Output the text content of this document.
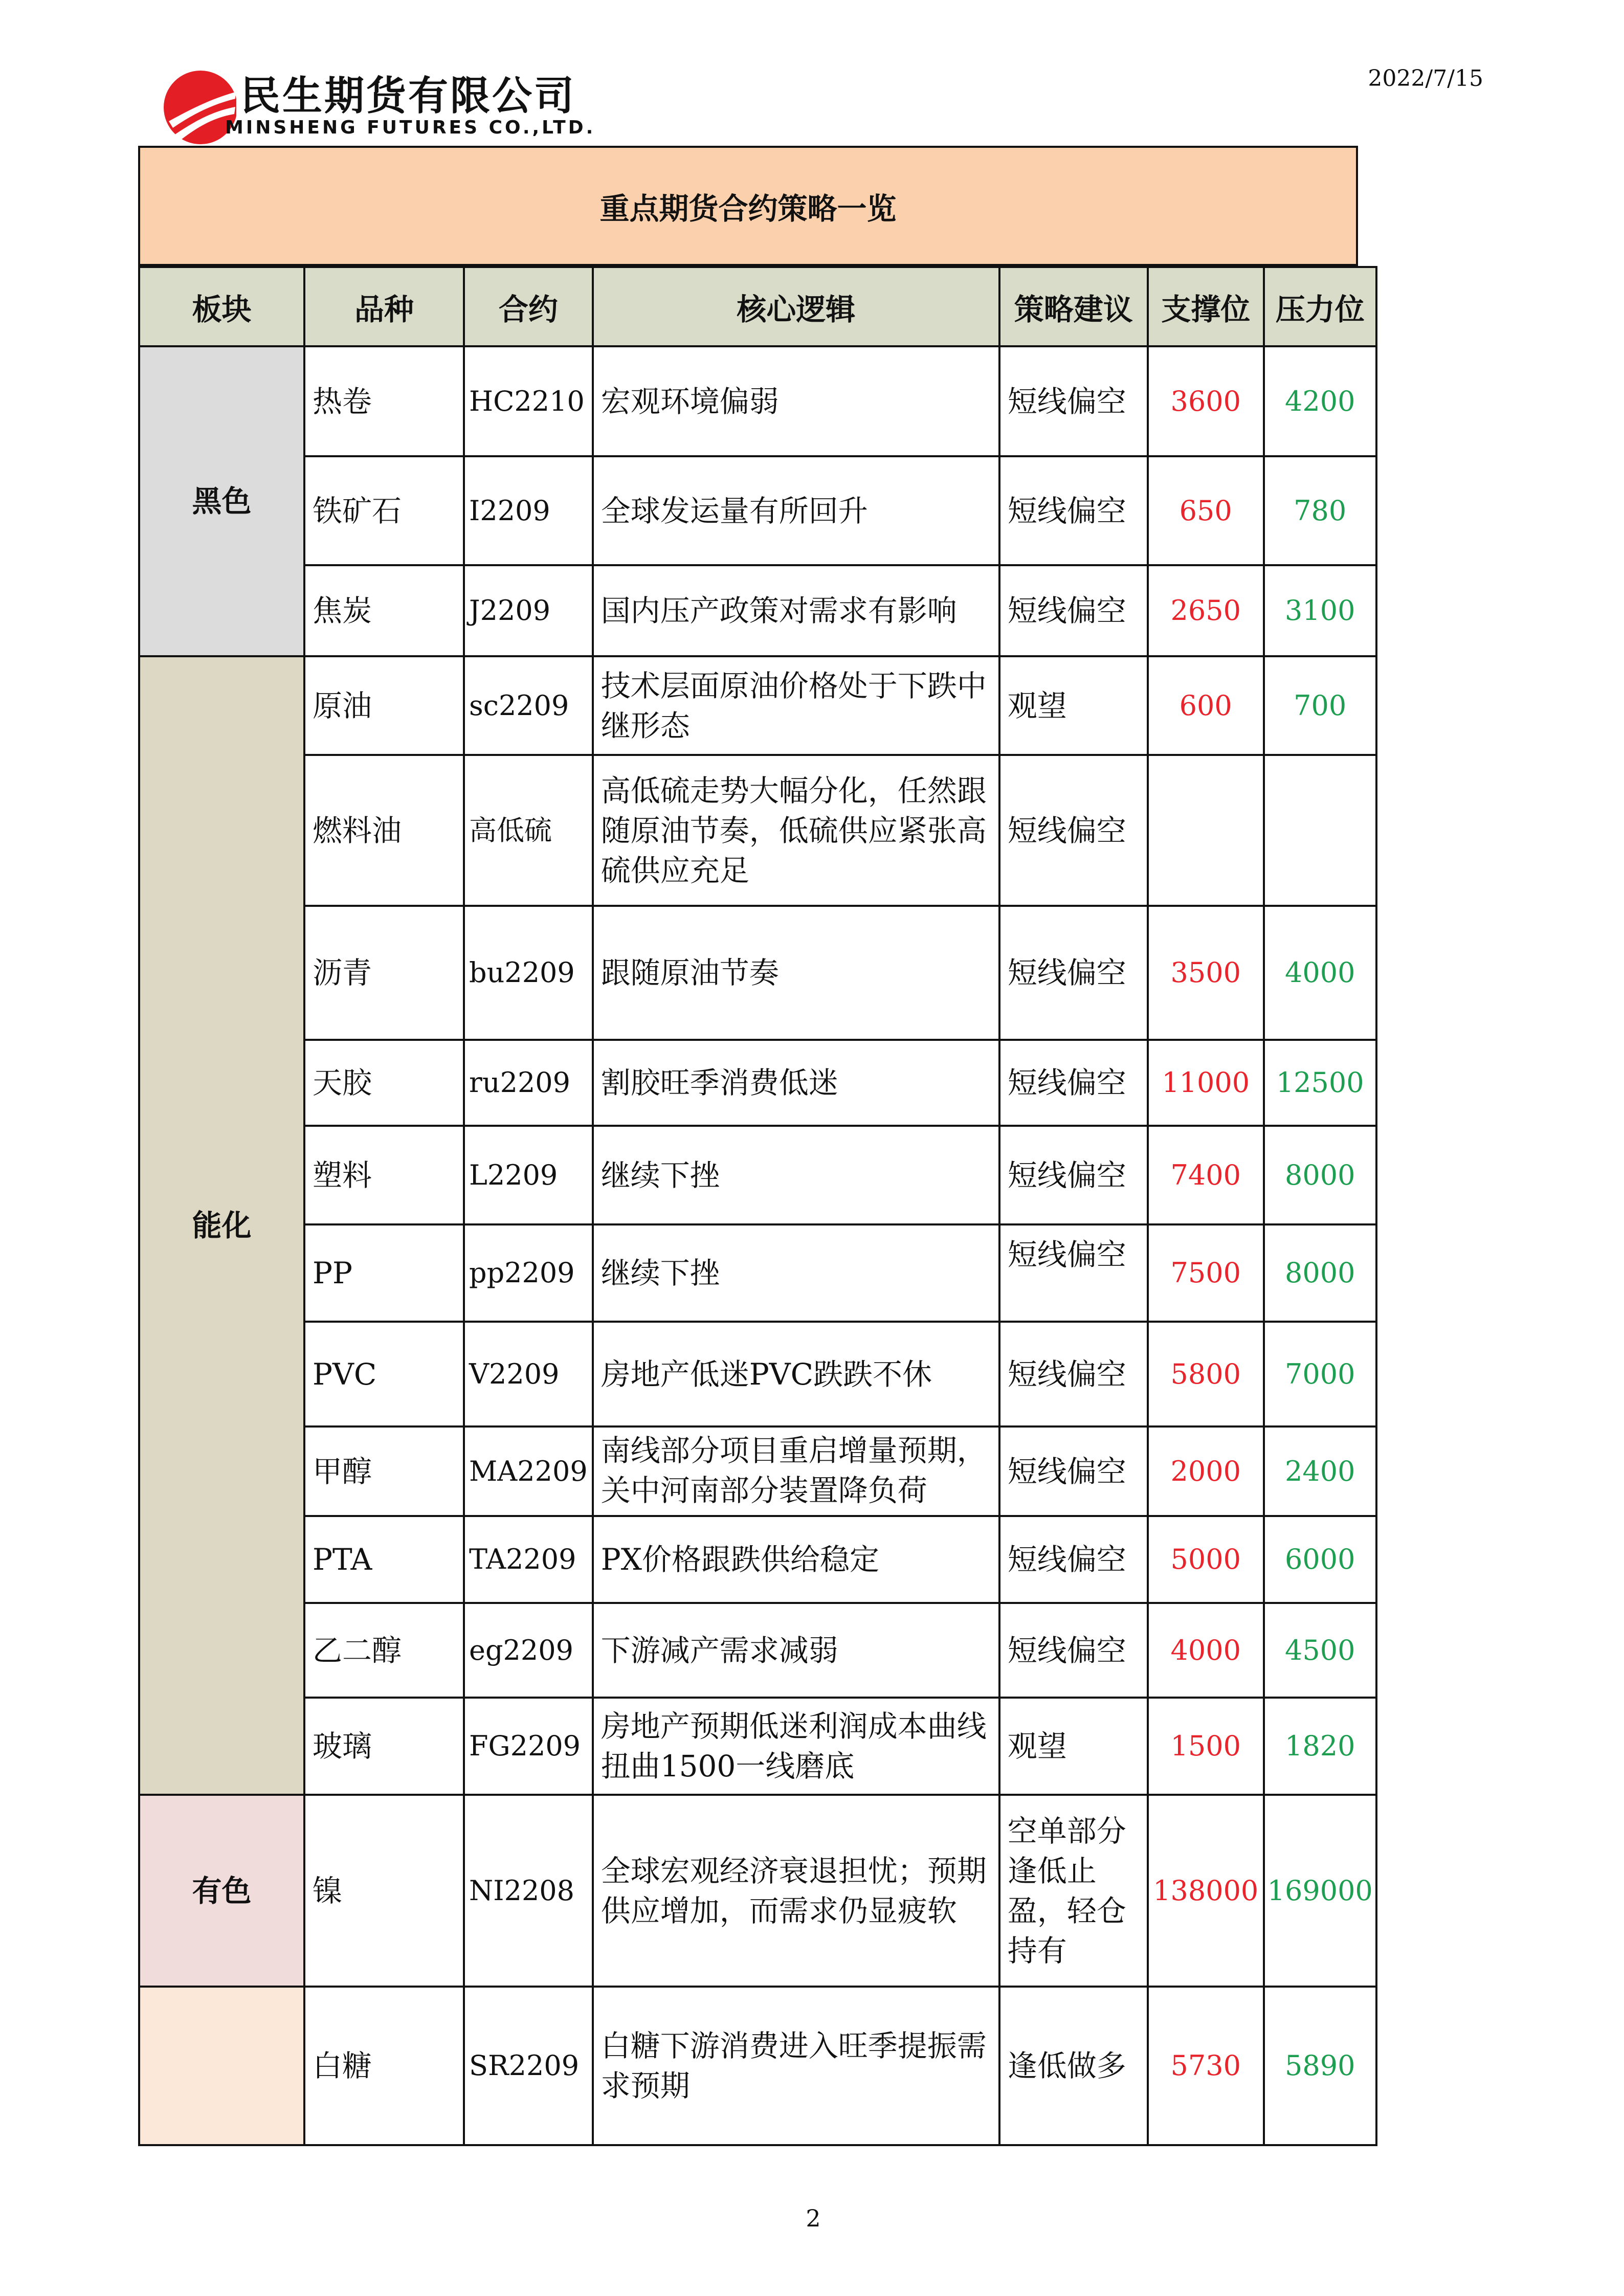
民生期货有限公司
MINSHENG FUTURES CO.,LTD.
2022/7/15
重点期货合约策略一览
板块	品种	合约	核心逻辑	策略建议	支撑位	压力位
黑色	热卷	HC2210	宏观环境偏弱	短线偏空	3600	4200
	铁矿石	I2209	全球发运量有所回升	短线偏空	650	780
	焦炭	J2209	国内压产政策对需求有影响	短线偏空	2650	3100
能化	原油	sc2209	技术层面原油价格处于下跌中继形态	观望	600	700
	燃料油	高低硫	高低硫走势大幅分化，任然跟随原油节奏，低硫供应紧张高硫供应充足	短线偏空		
	沥青	bu2209	跟随原油节奏	短线偏空	3500	4000
	天胶	ru2209	割胶旺季消费低迷	短线偏空	11000	12500
	塑料	L2209	继续下挫	短线偏空	7400	8000
	PP	pp2209	继续下挫	短线偏空	7500	8000
	PVC	V2209	房地产低迷PVC跌跌不休	短线偏空	5800	7000
	甲醇	MA2209	南线部分项目重启增量预期，关中河南部分装置降负荷	短线偏空	2000	2400
	PTA	TA2209	PX价格跟跌供给稳定	短线偏空	5000	6000
	乙二醇	eg2209	下游减产需求减弱	短线偏空	4000	4500
	玻璃	FG2209	房地产预期低迷利润成本曲线扭曲1500一线磨底	观望	1500	1820
有色	镍	NI2208	全球宏观经济衰退担忧；预期供应增加，而需求仍显疲软	空单部分逢低止盈，轻仓持有	138000	169000
	白糖	SR2209	白糖下游消费进入旺季提振需求预期	逢低做多	5730	5890
2
